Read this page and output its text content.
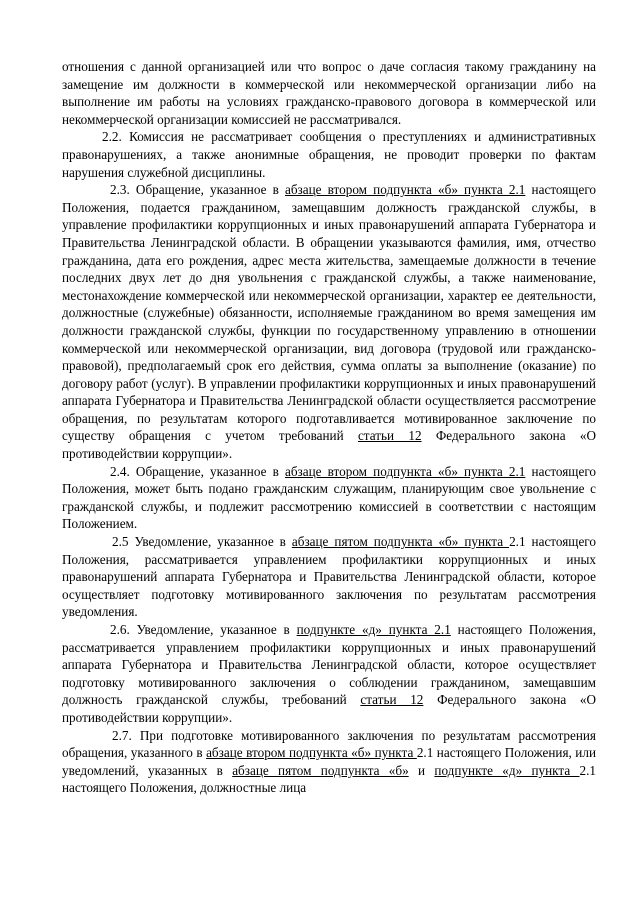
отношения с данной организацией или что вопрос о даче согласия такому гражданину на замещение им должности в коммерческой или некоммерческой организации либо на выполнение им работы на условиях гражданско-правового договора в коммерческой или некоммерческой организации комиссией не рассматривался.

2.2. Комиссия не рассматривает сообщения о преступлениях и административных правонарушениях, а также анонимные обращения, не проводит проверки по фактам нарушения служебной дисциплины.

2.3. Обращение, указанное в абзаце втором подпункта «б» пункта 2.1 настоящего Положения, подается гражданином, замещавшим должность гражданской службы, в управление профилактики коррупционных и иных правонарушений аппарата Губернатора и Правительства Ленинградской области. В обращении указываются фамилия, имя, отчество гражданина, дата его рождения, адрес места жительства, замещаемые должности в течение последних двух лет до дня увольнения с гражданской службы, а также наименование, местонахождение коммерческой или некоммерческой организации, характер ее деятельности, должностные (служебные) обязанности, исполняемые гражданином во время замещения им должности гражданской службы, функции по государственному управлению в отношении коммерческой или некоммерческой организации, вид договора (трудовой или гражданско-правовой), предполагаемый срок его действия, сумма оплаты за выполнение (оказание) по договору работ (услуг). В управлении профилактики коррупционных и иных правонарушений аппарата Губернатора и Правительства Ленинградской области осуществляется рассмотрение обращения, по результатам которого подготавливается мотивированное заключение по существу обращения с учетом требований статьи 12 Федерального закона «О противодействии коррупции».

2.4. Обращение, указанное в абзаце втором подпункта «б» пункта 2.1 настоящего Положения, может быть подано гражданским служащим, планирующим свое увольнение с гражданской службы, и подлежит рассмотрению комиссией в соответствии с настоящим Положением.

2.5 Уведомление, указанное в абзаце пятом подпункта «б» пункта 2.1 настоящего Положения, рассматривается управлением профилактики коррупционных и иных правонарушений аппарата Губернатора и Правительства Ленинградской области, которое осуществляет подготовку мотивированного заключения по результатам рассмотрения уведомления.

2.6. Уведомление, указанное в подпункте «д» пункта 2.1 настоящего Положения, рассматривается управлением профилактики коррупционных и иных правонарушений аппарата Губернатора и Правительства Ленинградской области, которое осуществляет подготовку мотивированного заключения о соблюдении гражданином, замещавшим должность гражданской службы, требований статьи 12 Федерального закона «О противодействии коррупции».

2.7. При подготовке мотивированного заключения по результатам рассмотрения обращения, указанного в абзаце втором подпункта «б» пункта 2.1 настоящего Положения, или уведомлений, указанных в абзаце пятом подпункта «б» и подпункте «д» пункта 2.1 настоящего Положения, должностные лица
